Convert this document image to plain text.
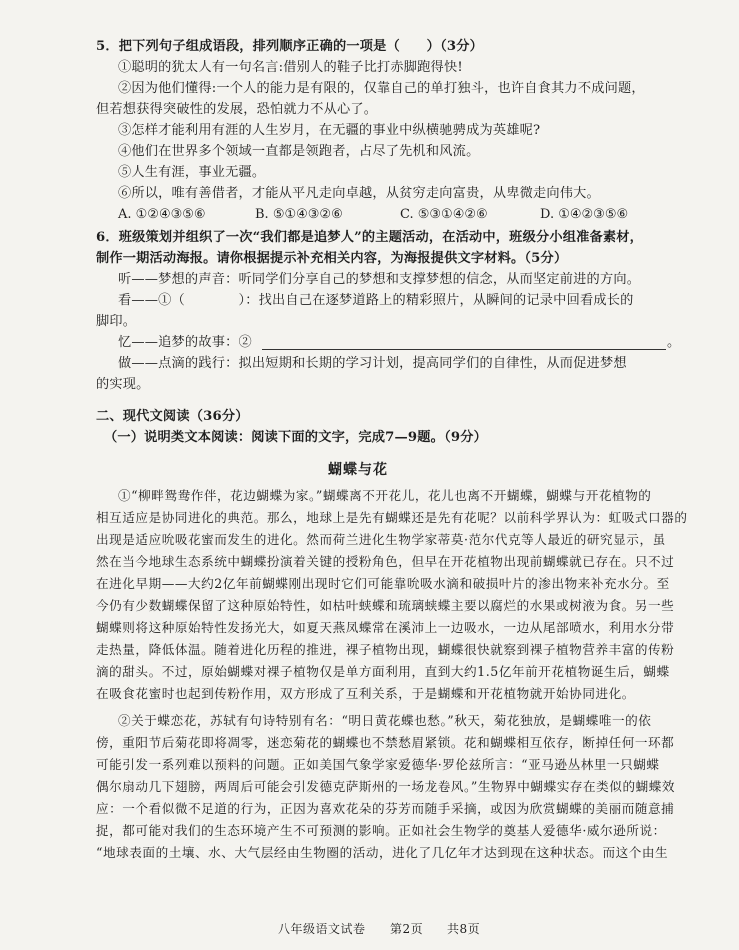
5．把下列句子组成语段，排列顺序正确的一项是（　　）（3分）
①聪明的犹太人有一句名言:借别人的鞋子比打赤脚跑得快!
②因为他们懂得:一个人的能力是有限的，仅靠自己的单打独斗，也许自食其力不成问题，
但若想获得突破性的发展，恐怕就力不从心了。
③怎样才能利用有涯的人生岁月，在无疆的事业中纵横驰骋成为英雄呢?
④他们在世界多个领域一直都是领跑者，占尽了先机和风流。
⑤人生有涯，事业无疆。
⑥所以，唯有善借者，才能从平凡走向卓越，从贫穷走向富贵，从卑微走向伟大。
A. ①②④③⑤⑥	B. ⑤①④③②⑥	C. ⑤③①④②⑥	D. ①④②③⑤⑥
6．班级策划并组织了一次“我们都是追梦人”的主题活动，在活动中，班级分小组准备素材，
制作一期活动海报。请你根据提示补充相关内容，为海报提供文字材料。（5分）
听——梦想的声音：听同学们分享自己的梦想和支撑梦想的信念，从而坚定前进的方向。
看——①（　　　　）：找出自己在逐梦道路上的精彩照片，从瞬间的记录中回看成长的
脚印。
忆——追梦的故事：②	。
做——点滴的践行：拟出短期和长期的学习计划，提高同学们的自律性，从而促进梦想
的实现。
二、现代文阅读（36分）
（一）说明类文本阅读：阅读下面的文字，完成7—9题。（9分）
蝴蝶与花
①“柳畔鸳鸯作伴，花边蝴蝶为家。”蝴蝶离不开花儿，花儿也离不开蝴蝶，蝴蝶与开花植物的
相互适应是协同进化的典范。那么，地球上是先有蝴蝶还是先有花呢？以前科学界认为：虹吸式口器的
出现是适应吮吸花蜜而发生的进化。然而荷兰进化生物学家蒂莫·范尔代克等人最近的研究显示，虽
然在当今地球生态系统中蝴蝶扮演着关键的授粉角色，但早在开花植物出现前蝴蝶就已存在。只不过
在进化早期——大约2亿年前蝴蝶刚出现时它们可能靠吮吸水滴和破损叶片的渗出物来补充水分。至
今仍有少数蝴蝶保留了这种原始特性，如枯叶蛱蝶和琉璃蛱蝶主要以腐烂的水果或树液为食。另一些
蝴蝶则将这种原始特性发扬光大，如夏天燕凤蝶常在溪沛上一边吸水，一边从尾部喷水，利用水分带
走热量，降低体温。随着进化历程的推进，裸子植物出现，蝴蝶很快就察到裸子植物营养丰富的传粉
滴的甜头。不过，原始蝴蝶对裸子植物仅是单方面利用，直到大约1.5亿年前开花植物诞生后，蝴蝶
在吸食花蜜时也起到传粉作用，双方形成了互利关系，于是蝴蝶和开花植物就开始协同进化。
②关于蝶恋花，苏轼有句诗特别有名：“明日黄花蝶也愁。”秋天，菊花独放，是蝴蝶唯一的依
傍，重阳节后菊花即将凋零，迷恋菊花的蝴蝶也不禁愁眉紧锁。花和蝴蝶相互依存，断掉任何一环都
可能引发一系列难以预料的问题。正如美国气象学家爱德华·罗伦兹所言：“亚马逊丛林里一只蝴蝶
偶尔扇动几下翅膀，两周后可能会引发德克萨斯州的一场龙卷风。”生物界中蝴蝶实存在类似的蝴蝶效
应：一个看似微不足道的行为，正因为喜欢花朵的芬芳而随手采摘，或因为欣赏蝴蝶的美丽而随意捕
捉，都可能对我们的生态环境产生不可预测的影响。正如社会生物学的奠基人爱德华·威尔逊所说：
“地球表面的土壤、水、大气层经由生物圈的活动，进化了几亿年才达到现在这种状态。而这个由生
八年级语文试卷 第2页 共8页
